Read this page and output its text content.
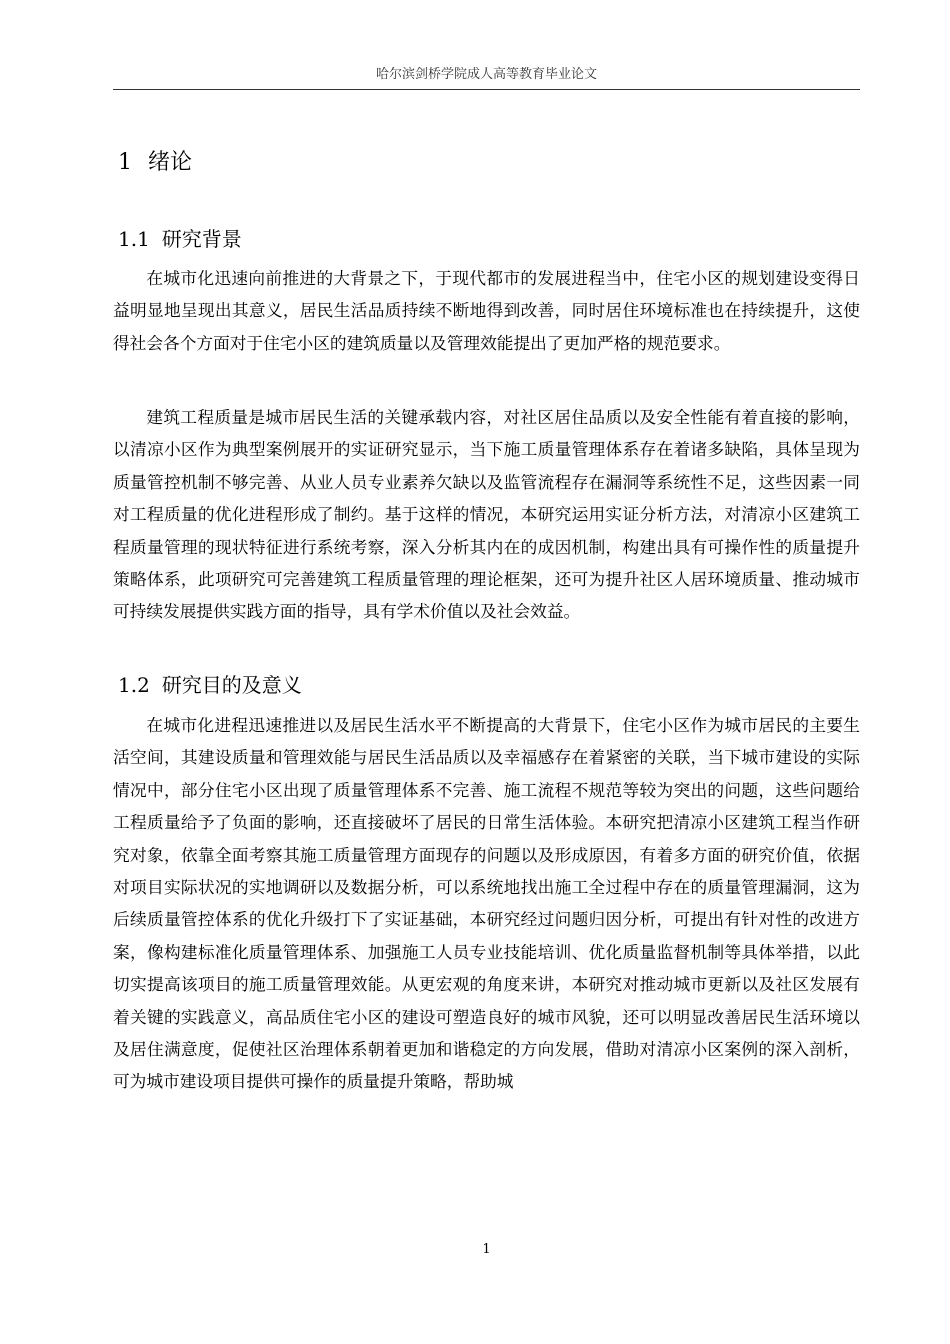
哈尔滨剑桥学院成人高等教育毕业论文
1 绪论
1.1 研究背景

在城市化迅速向前推进的大背景之下，于现代都市的发展进程当中，住宅小区的规划建设变得日益明显地呈现出其意义，居民生活品质持续不断地得到改善，同时居住环境标准也在持续提升，这使得社会各个方面对于住宅小区的建筑质量以及管理效能提出了更加严格的规范要求。

建筑工程质量是城市居民生活的关键承载内容，对社区居住品质以及安全性能有着直接的影响，以清凉小区作为典型案例展开的实证研究显示，当下施工质量管理体系存在着诸多缺陷，具体呈现为质量管控机制不够完善、从业人员专业素养欠缺以及监管流程存在漏洞等系统性不足，这些因素一同对工程质量的优化进程形成了制约。基于这样的情况，本研究运用实证分析方法，对清凉小区建筑工程质量管理的现状特征进行系统考察，深入分析其内在的成因机制，构建出具有可操作性的质量提升策略体系，此项研究可完善建筑工程质量管理的理论框架，还可为提升社区人居环境质量、推动城市可持续发展提供实践方面的指导，具有学术价值以及社会效益。

1.2 研究目的及意义

在城市化进程迅速推进以及居民生活水平不断提高的大背景下，住宅小区作为城市居民的主要生活空间，其建设质量和管理效能与居民生活品质以及幸福感存在着紧密的关联，当下城市建设的实际情况中，部分住宅小区出现了质量管理体系不完善、施工流程不规范等较为突出的问题，这些问题给工程质量给予了负面的影响，还直接破坏了居民的日常生活体验。本研究把清凉小区建筑工程当作研究对象，依靠全面考察其施工质量管理方面现存的问题以及形成原因，有着多方面的研究价值，依据对项目实际状况的实地调研以及数据分析，可以系统地找出施工全过程中存在的质量管理漏洞，这为后续质量管控体系的优化升级打下了实证基础，本研究经过问题归因分析，可提出有针对性的改进方案，像构建标准化质量管理体系、加强施工人员专业技能培训、优化质量监督机制等具体举措，以此切实提高该项目的施工质量管理效能。从更宏观的角度来讲，本研究对推动城市更新以及社区发展有着关键的实践意义，高品质住宅小区的建设可塑造良好的城市风貌，还可以明显改善居民生活环境以及居住满意度，促使社区治理体系朝着更加和谐稳定的方向发展，借助对清凉小区案例的深入剖析，可为城市建设项目提供可操作的质量提升策略，帮助城

1
